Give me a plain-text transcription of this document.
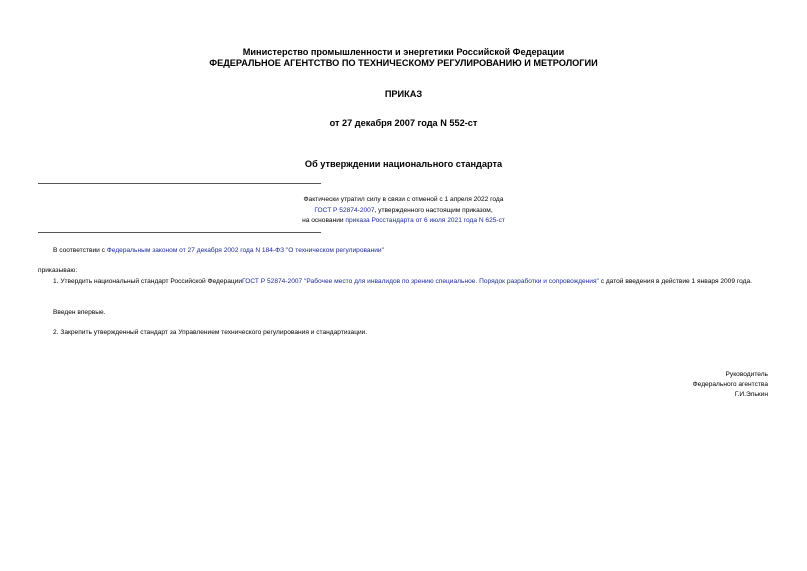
Министерство промышленности и энергетики Российской Федерации
ФЕДЕРАЛЬНОЕ АГЕНТСТВО ПО ТЕХНИЧЕСКОМУ РЕГУЛИРОВАНИЮ И МЕТРОЛОГИИ
ПРИКАЗ
от 27 декабря 2007 года N 552-ст
Об утверждении национального стандарта
Фактически утратил силу в связи с отменой с 1 апреля 2022 года
ГОСТ Р 52874-2007, утвержденного настоящим приказом,
на основании приказа Росстандарта от 6 июля 2021 года N 625-ст
В соответствии с Федеральным законом от 27 декабря 2002 года N 184-ФЗ "О техническом регулировании"
приказываю:
1. Утвердить национальный стандарт Российской ФедерацииГОСТ Р 52874-2007 "Рабочее место для инвалидов по зрению специальное. Порядок разработки и сопровождения" с датой введения в действие 1 января 2009 года.
Введен впервые.
2. Закрепить утвержденный стандарт за Управлением технического регулирования и стандартизации.
Руководитель
Федерального агентства
Г.И.Элькин
